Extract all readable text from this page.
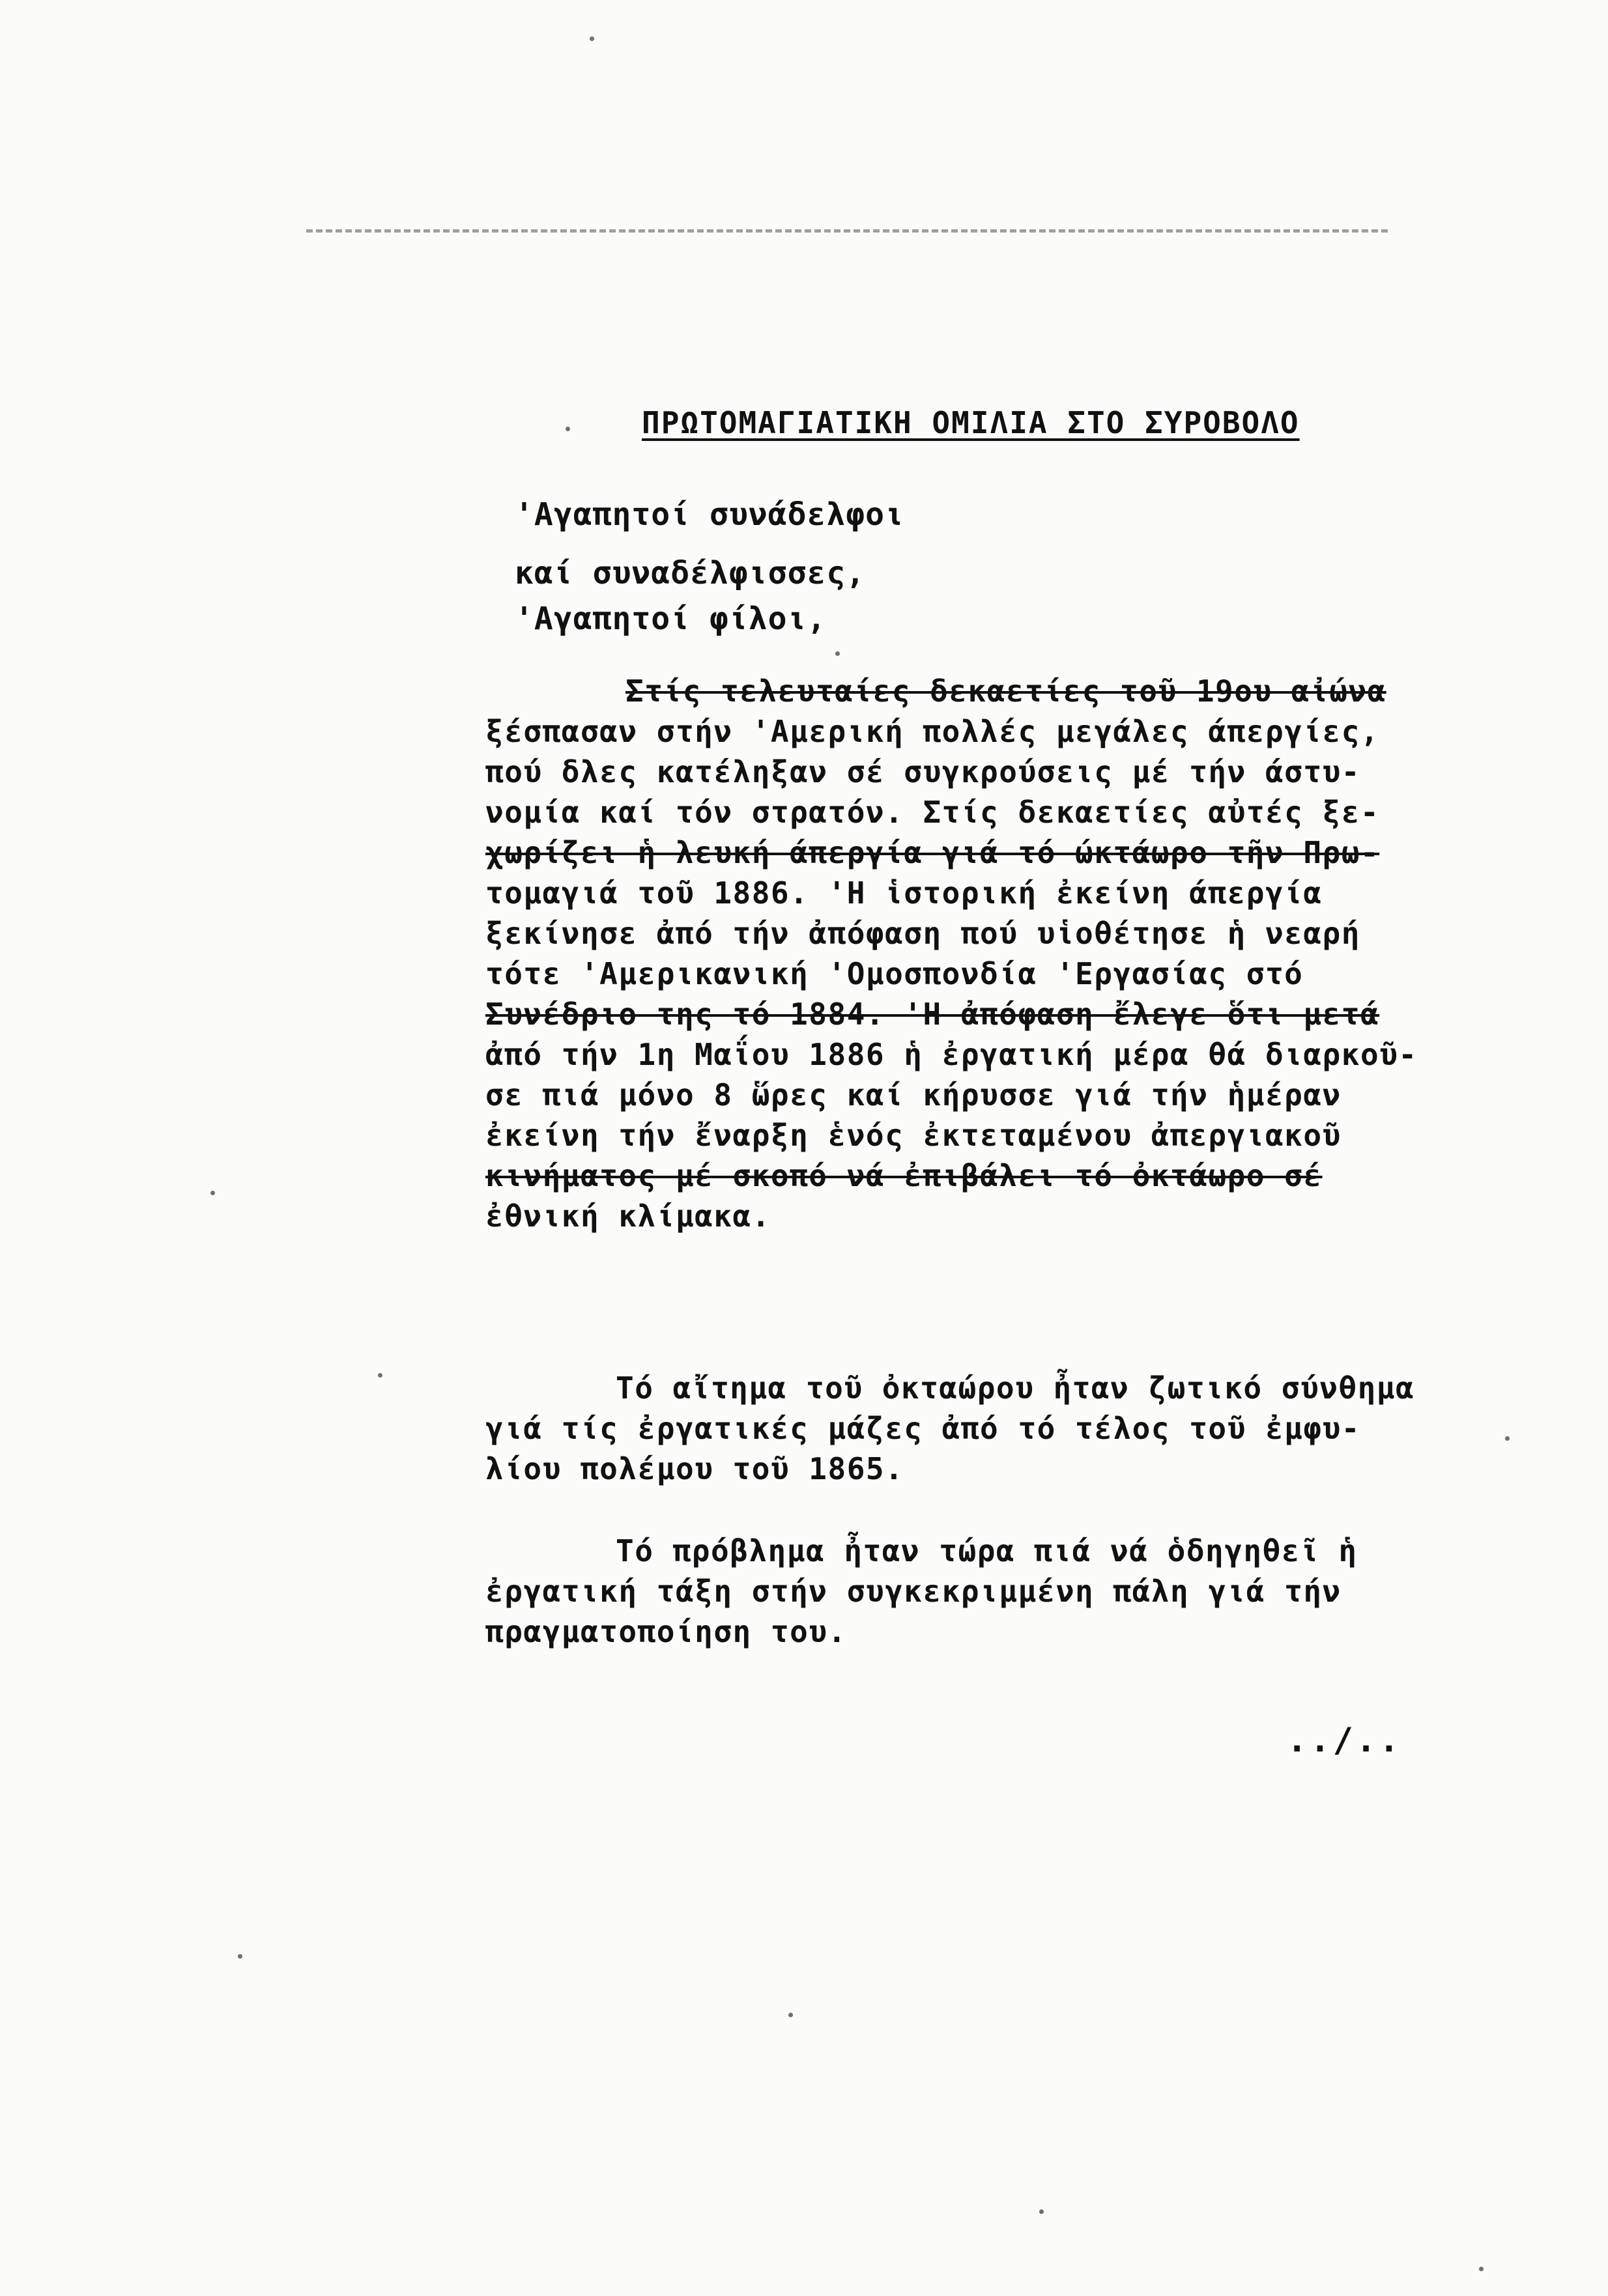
ΠΡΩΤΟΜΑΓΙΑΤΙΚΗ ΟΜΙΛΙΑ ΣΤΟ ΣΥΡΟΒΟΛΟ
'Αγαπητοί συνάδελφοι
καί συναδέλφισσες,
'Αγαπητοί φίλοι,
Στίς τελευταίες δεκαετίες τοῦ 19ου αἰώνα
ξέσπασαν στήν 'Αμερική πολλές μεγάλες άπεργίες,
πού δλες κατέληξαν σέ συγκρούσεις μέ τήν άστυ-
νομία καί τόν στρατόν. Στίς δεκαετίες αὐτές ξε-
χωρίζει ἡ λευκή άπεργία γιά τό ώκτάωρο τῆν Πρω-
τομαγιά τοῦ 1886. 'Η ἱστορική ἐκείνη άπεργία
ξεκίνησε ἀπό τήν ἀπόφαση πού υἱοθέτησε ἡ νεαρή
τότε 'Αμερικανική 'Ομοσπονδία 'Εργασίας στό
Συνέδριο της τό 1884. 'Η ἀπόφαση ἔλεγε ὅτι μετά
ἀπό τήν 1η Μαΐου 1886 ἡ ἐργατική μέρα θά διαρκοῦ-
σε πιά μόνο 8 ὥρες καί κήρυσσε γιά τήν ἡμέραν
ἐκείνη τήν ἔναρξη ἑνός ἐκτεταμένου ἀπεργιακοῦ
κινήματος μέ σκοπό νά ἐπιβάλει τό ὀκτάωρο σέ
ἐθνική κλίμακα.
Τό αἴτημα τοῦ ὀκταώρου ἦταν ζωτικό σύνθημα
γιά τίς ἐργατικές μάζες ἀπό τό τέλος τοῦ ἐμφυ-
λίου πολέμου τοῦ 1865.
Τό πρόβλημα ἦταν τώρα πιά νά ὁδηγηθεῖ ἡ
ἐργατική τάξη στήν συγκεκριμμένη πάλη γιά τήν
πραγματοποίηση του.
../..
